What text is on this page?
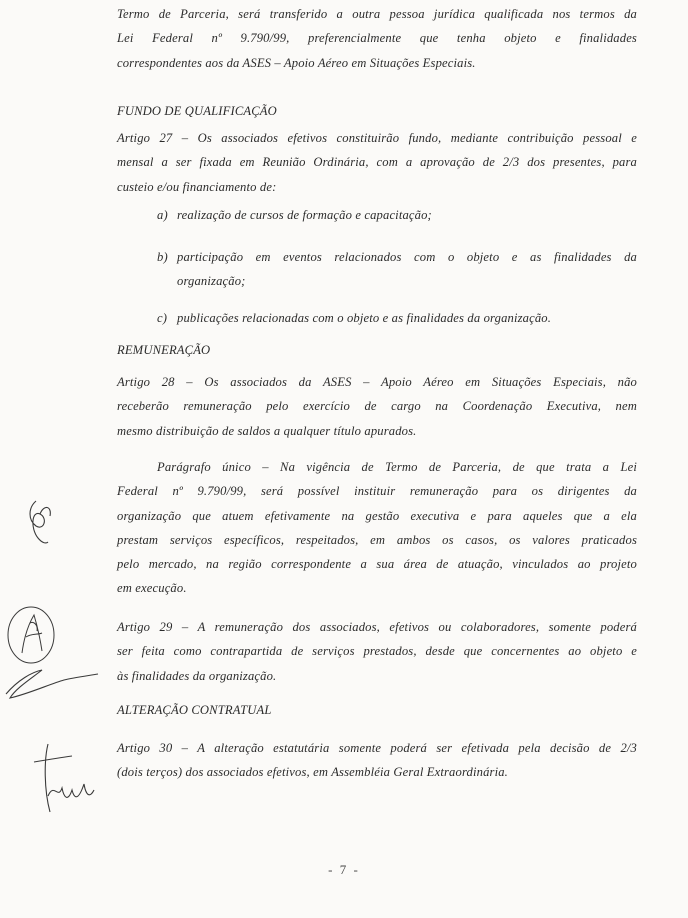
Termo de Parceria, será transferido a outra pessoa jurídica qualificada nos termos da

Lei Federal nº 9.790/99, preferencialmente que tenha objeto e finalidades

correspondentes aos da ASES – Apoio Aéreo em Situações Especiais.

FUNDO DE QUALIFICAÇÃO

Artigo 27 – Os associados efetivos constituirão fundo, mediante contribuição pessoal e

mensal a ser fixada em Reunião Ordinária, com a aprovação de 2/3 dos presentes, para

custeio e/ou financiamento de:

a) realização de cursos de formação e capacitação;
b) participação em eventos relacionados com o objeto e as finalidades da
organização;
c) publicações relacionadas com o objeto e as finalidades da organização.

REMUNERAÇÃO

Artigo 28 – Os associados da ASES – Apoio Aéreo em Situações Especiais, não

receberão remuneração pelo exercício de cargo na Coordenação Executiva, nem

mesmo distribuição de saldos a qualquer título apurados.

Parágrafo único – Na vigência de Termo de Parceria, de que trata a Lei

Federal nº 9.790/99, será possível instituir remuneração para os dirigentes da

organização que atuem efetivamente na gestão executiva e para aqueles que a ela

prestam serviços específicos, respeitados, em ambos os casos, os valores praticados

pelo mercado, na região correspondente a sua área de atuação, vinculados ao projeto

em execução.

Artigo 29 – A remuneração dos associados, efetivos ou colaboradores, somente poderá

ser feita como contrapartida de serviços prestados, desde que concernentes ao objeto e

às finalidades da organização.

ALTERAÇÃO CONTRATUAL

Artigo 30 – A alteração estatutária somente poderá ser efetivada pela decisão de 2/3

(dois terços) dos associados efetivos, em Assembléia Geral Extraordinária.

- 7 -
